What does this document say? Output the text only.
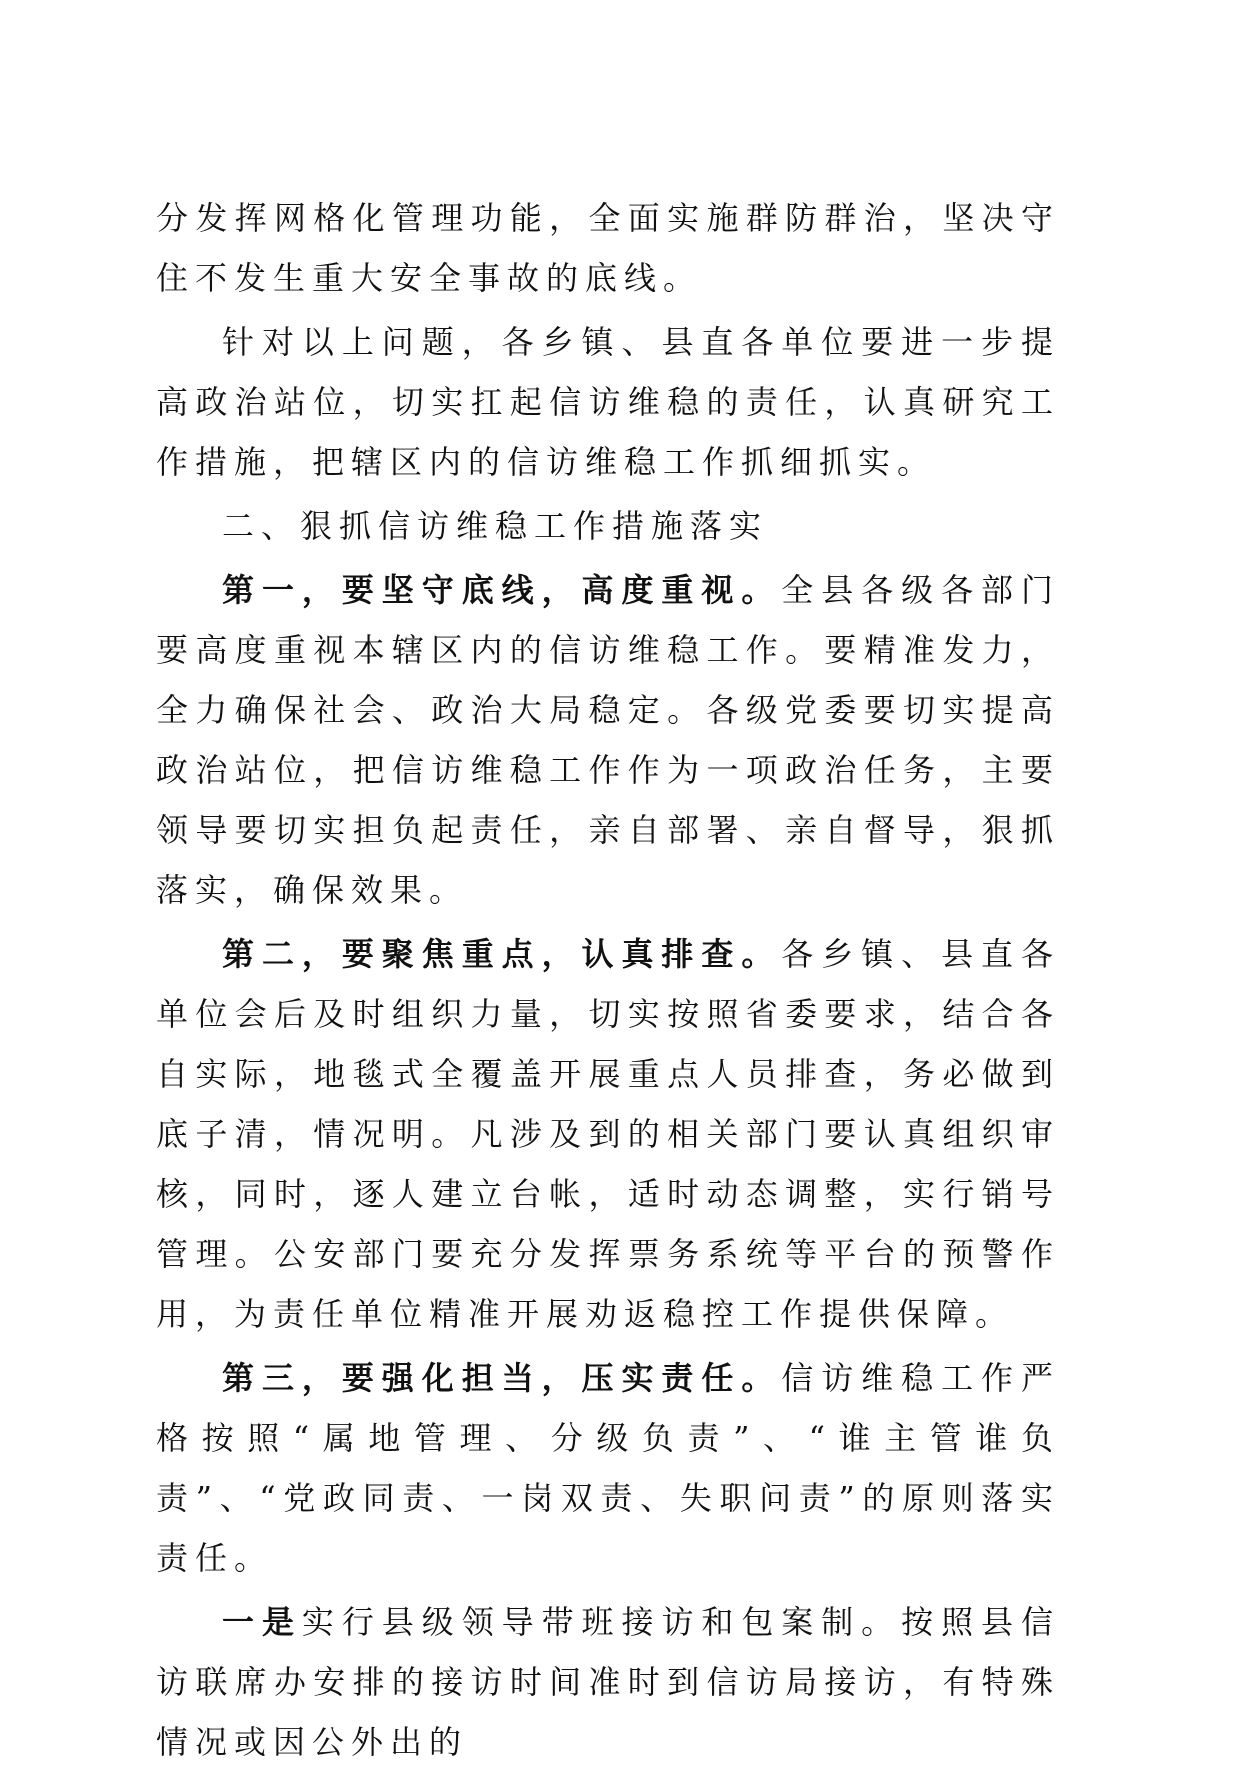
分发挥网格化管理功能，全面实施群防群治，坚决守住不发生重大安全事故的底线。

针对以上问题，各乡镇、县直各单位要进一步提高政治站位，切实扛起信访维稳的责任，认真研究工作措施，把辖区内的信访维稳工作抓细抓实。

二、狠抓信访维稳工作措施落实

第一，要坚守底线，高度重视。全县各级各部门要高度重视本辖区内的信访维稳工作。要精准发力，全力确保社会、政治大局稳定。各级党委要切实提高政治站位，把信访维稳工作作为一项政治任务，主要领导要切实担负起责任，亲自部署、亲自督导，狠抓落实，确保效果。

第二，要聚焦重点，认真排查。各乡镇、县直各单位会后及时组织力量，切实按照省委要求，结合各自实际，地毯式全覆盖开展重点人员排查，务必做到底子清，情况明。凡涉及到的相关部门要认真组织审核，同时，逐人建立台帐，适时动态调整，实行销号管理。公安部门要充分发挥票务系统等平台的预警作用，为责任单位精准开展劝返稳控工作提供保障。

第三，要强化担当，压实责任。信访维稳工作严格按照“属地管理、分级负责”、“谁主管谁负责”、“党政同责、一岗双责、失职问责”的原则落实责任。

一是实行县级领导带班接访和包案制。按照县信访联席办安排的接访时间准时到信访局接访，有特殊情况或因公外出的
